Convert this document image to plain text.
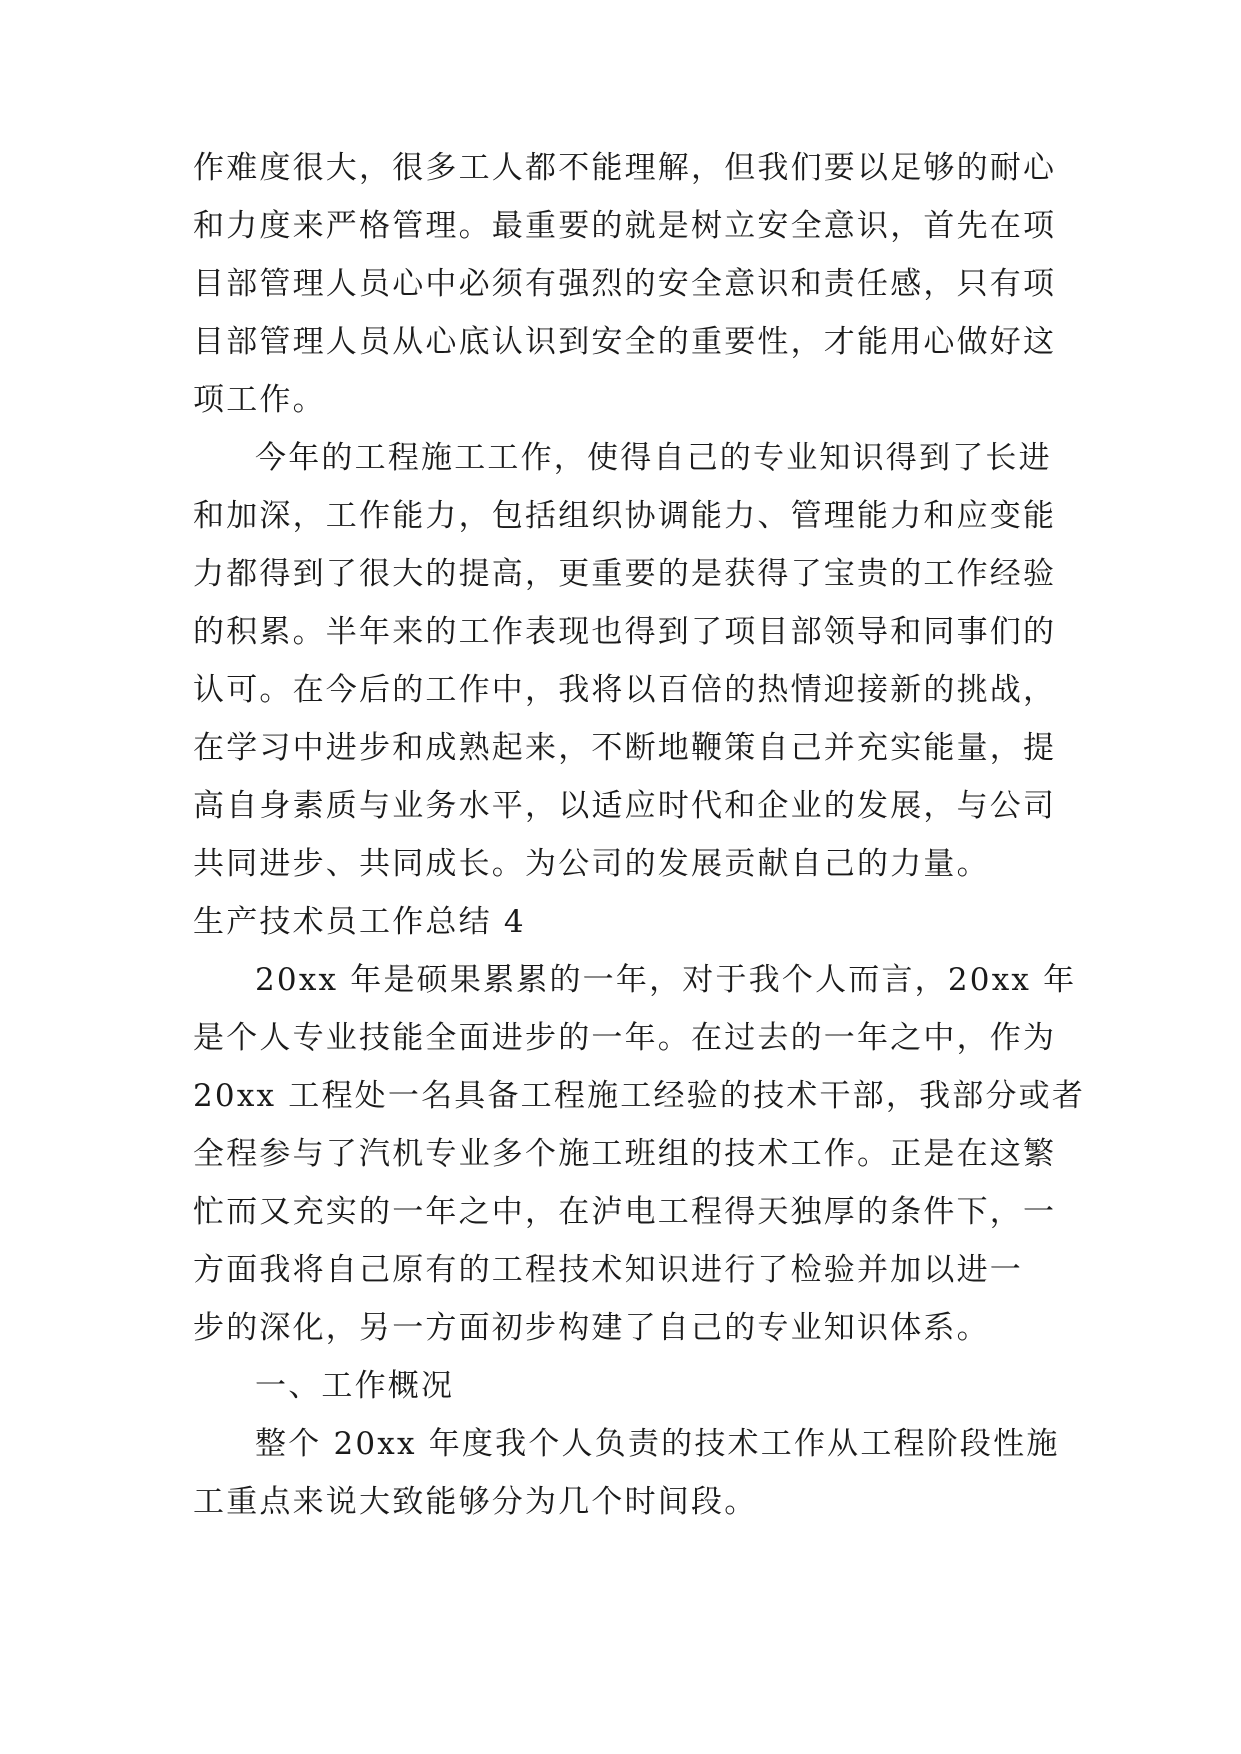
作难度很大，很多工人都不能理解，但我们要以足够的耐心
和力度来严格管理。最重要的就是树立安全意识，首先在项
目部管理人员心中必须有强烈的安全意识和责任感，只有项
目部管理人员从心底认识到安全的重要性，才能用心做好这
项工作。
今年的工程施工工作，使得自己的专业知识得到了长进
和加深，工作能力，包括组织协调能力、管理能力和应变能
力都得到了很大的提高，更重要的是获得了宝贵的工作经验
的积累。半年来的工作表现也得到了项目部领导和同事们的
认可。在今后的工作中，我将以百倍的热情迎接新的挑战，
在学习中进步和成熟起来，不断地鞭策自己并充实能量，提
高自身素质与业务水平，以适应时代和企业的发展，与公司
共同进步、共同成长。为公司的发展贡献自己的力量。
生产技术员工作总结 4
20xx 年是硕果累累的一年，对于我个人而言，20xx 年
是个人专业技能全面进步的一年。在过去的一年之中，作为
20xx 工程处一名具备工程施工经验的技术干部，我部分或者
全程参与了汽机专业多个施工班组的技术工作。正是在这繁
忙而又充实的一年之中，在泸电工程得天独厚的条件下，一
方面我将自己原有的工程技术知识进行了检验并加以进一
步的深化，另一方面初步构建了自己的专业知识体系。
一、工作概况
整个 20xx 年度我个人负责的技术工作从工程阶段性施
工重点来说大致能够分为几个时间段。
